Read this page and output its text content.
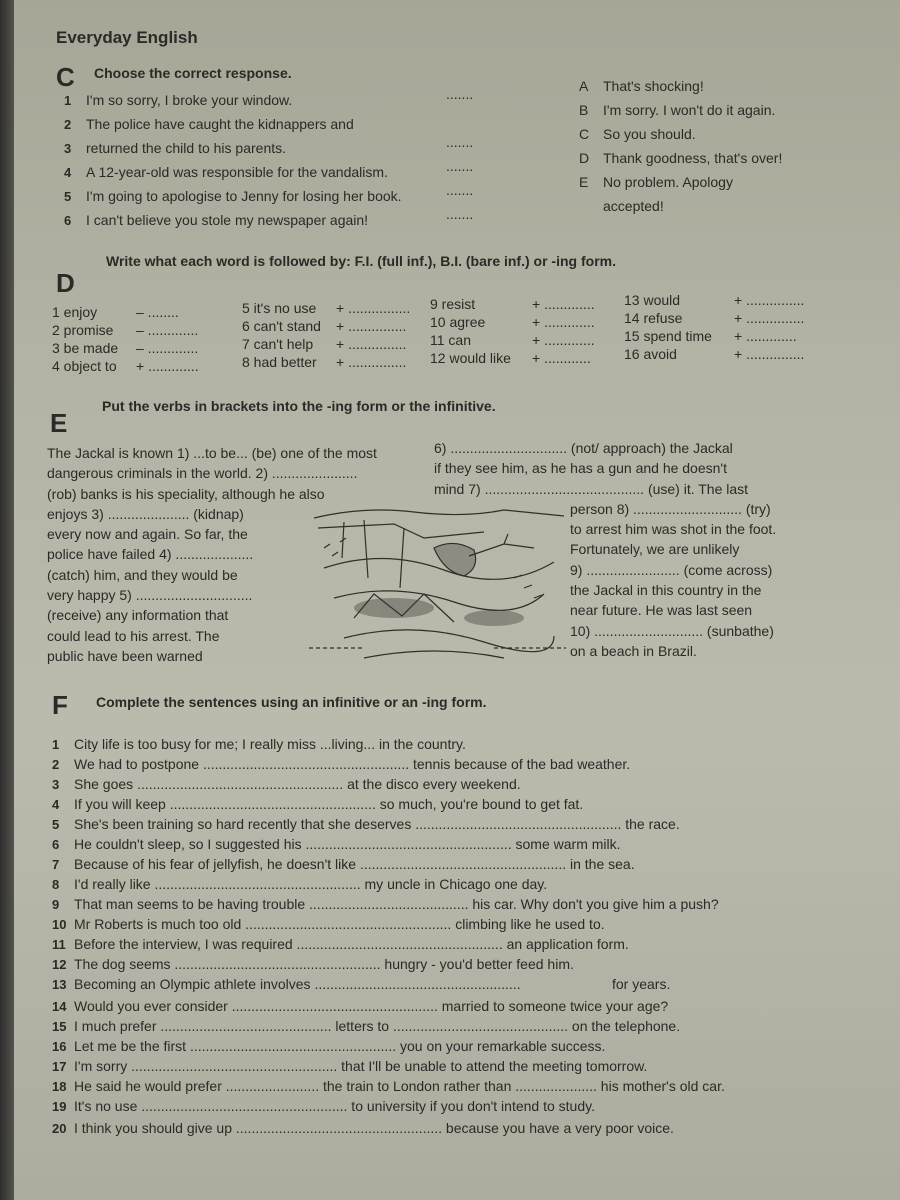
Everyday English
C Choose the correct response.
1 I'm so sorry, I broke your window.	.......
2 The police have caught the kidnappers and
3 returned the child to his parents.	.......
4 A 12-year-old was responsible for the vandalism.	.......
5 I'm going to apologise to Jenny for losing her book.	.......
6 I can't believe you stole my newspaper again!	.......
A That's shocking!
B I'm sorry. I won't do it again.
C So you should.
D Thank goodness, that's over!
E No problem. Apology
accepted!
D
Write what each word is followed by: F.I. (full inf.), B.I. (bare inf.) or -ing form.
1 enjoy	– ........
2 promise – .............
3 be made – .............
4 object to + .............
5 it's no use + ................
6 can't stand + ...............
7 can't help + ...............
8 had better + ...............
9 resist	+ .............
10 agree	+ .............
11 can	+ .............
12 would like + ............
13 would	+ ...............
14 refuse	+ ...............
15 spend time + .............
16 avoid	+ ...............
E
Put the verbs in brackets into the -ing form or the infinitive.
The Jackal is known 1) ...to be... (be) one of the most
dangerous criminals in the world. 2) ......................
(rob) banks is his speciality, although he also
enjoys 3) ..................... (kidnap)
every now and again. So far, the
police have failed 4) ....................
(catch) him, and they would be
very happy 5) ..............................
(receive) any information that
could lead to his arrest. The
public have been warned
6) .............................. (not/ approach) the Jackal
if they see him, as he has a gun and he doesn't
mind 7) ......................................... (use) it. The last
person 8) ............................ (try)
to arrest him was shot in the foot.
Fortunately, we are unlikely
9) ........................ (come across)
the Jackal in this country in the
near future. He was last seen
10) ............................ (sunbathe)
on a beach in Brazil.
F Complete the sentences using an infinitive or an -ing form.
1 City life is too busy for me; I really miss ...living... in the country.
2 We had to postpone ..................................................... tennis because of the bad weather.
3 She goes ..................................................... at the disco every weekend.
4 If you will keep ..................................................... so much, you're bound to get fat.
5 She's been training so hard recently that she deserves ..................................................... the race.
6 He couldn't sleep, so I suggested his ..................................................... some warm milk.
7 Because of his fear of jellyfish, he doesn't like ..................................................... in the sea.
8 I'd really like ..................................................... my uncle in Chicago one day.
9 That man seems to be having trouble ......................................... his car. Why don't you give him a push?
10 Mr Roberts is much too old ..................................................... climbing like he used to.
11 Before the interview, I was required ..................................................... an application form.
12 The dog seems ..................................................... hungry - you'd better feed him.
13 Becoming an Olympic athlete involves .....................................................	for years.
14 Would you ever consider ..................................................... married to someone twice your age?
15 I much prefer ............................................ letters to ............................................. on the telephone.
16 Let me be the first ..................................................... you on your remarkable success.
17 I'm sorry ..................................................... that I'll be unable to attend the meeting tomorrow.
18 He said he would prefer ........................ the train to London rather than ..................... his mother's old car.
19 It's no use ..................................................... to university if you don't intend to study.
20 I think you should give up ..................................................... because you have a very poor voice.
